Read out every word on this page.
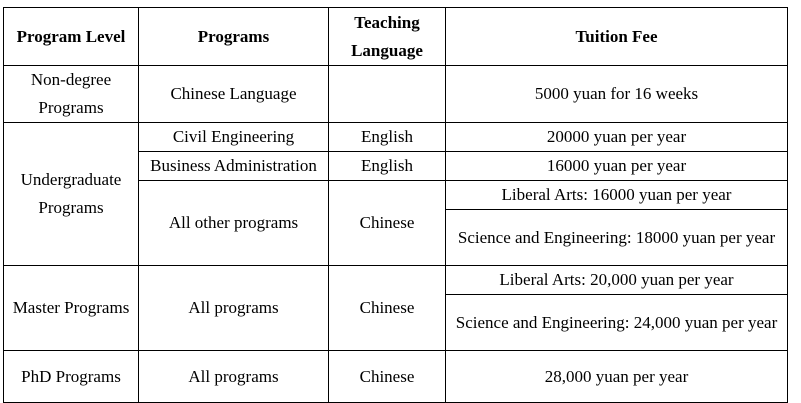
Program Level	Programs	Teaching Language	Tuition Fee
Non-degree Programs	Chinese Language		5000 yuan for 16 weeks
Undergraduate Programs	Civil Engineering	English	20000 yuan per year
	Business Administration	English	16000 yuan per year
	All other programs	Chinese	Liberal Arts: 16000 yuan per year
			Science and Engineering: 18000 yuan per year
Master Programs	All programs	Chinese	Liberal Arts: 20,000 yuan per year
			Science and Engineering: 24,000 yuan per year
PhD Programs	All programs	Chinese	28,000 yuan per year
